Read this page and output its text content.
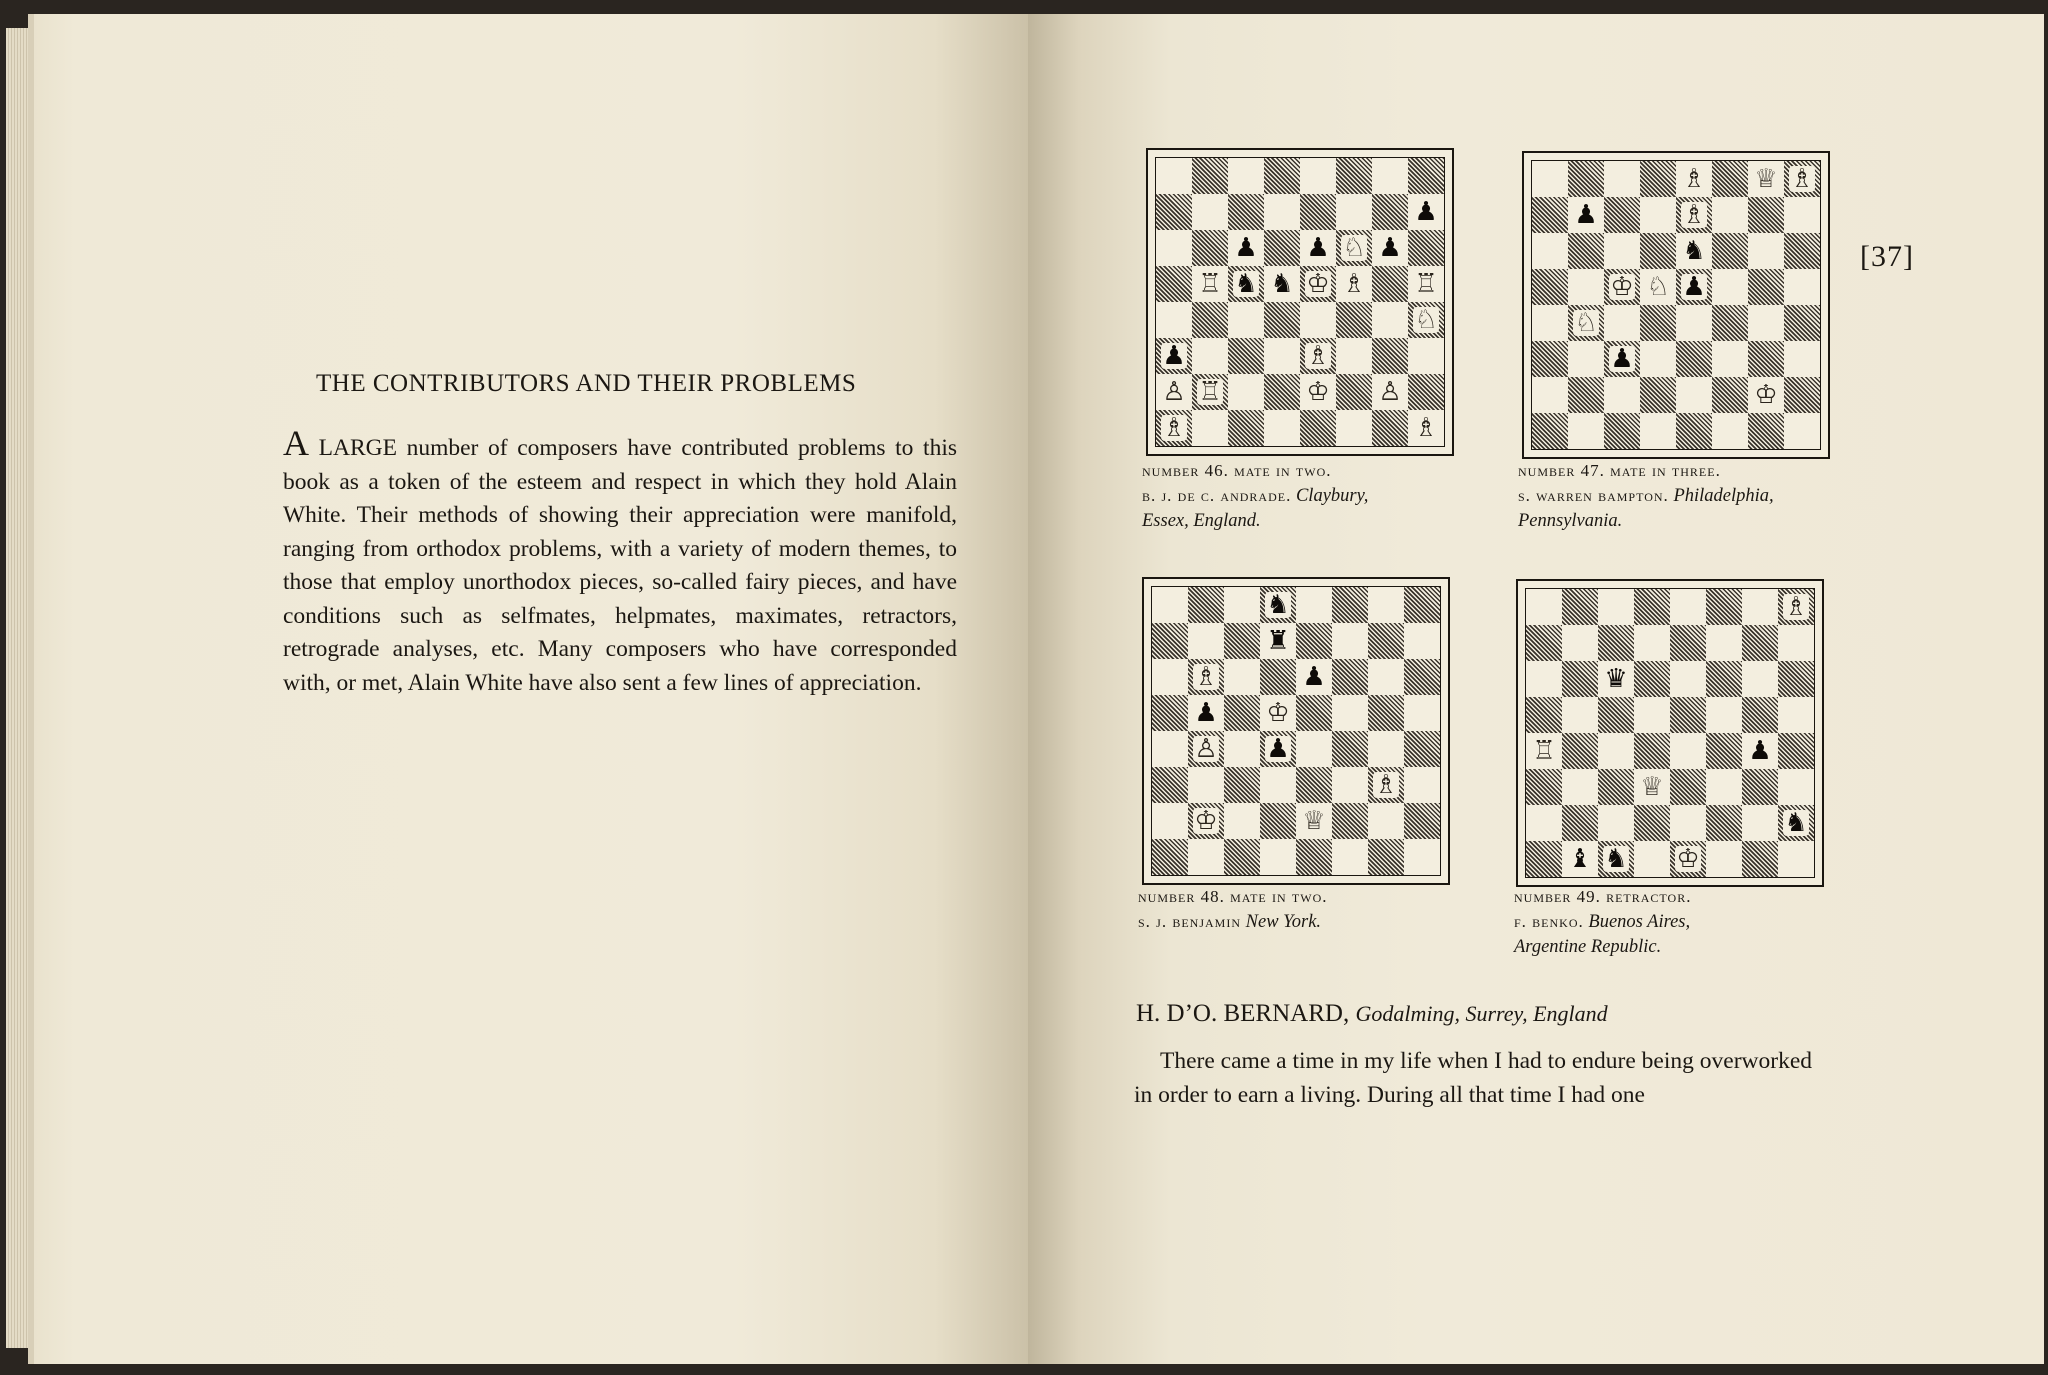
THE CONTRIBUTORS AND THEIR PROBLEMS
A LARGE number of composers have contributed problems to this book as a token of the esteem and respect in which they hold Alain White. Their methods of showing their appreciation were manifold, ranging from orthodox problems, with a variety of modern themes, to those that employ unorthodox pieces, so-called fairy pieces, and have conditions such as selfmates, helpmates, maximates, retractors, retrograde analyses, etc. Many composers who have corresponded with, or met, Alain White have also sent a few lines of appreciation.
[37]
♟
♟ ♟ ♘ ♟
♖ ♞ ♞ ♔ ♗ ♖
♘
♟	♗
♙ ♖	♔ ♙
♗	♗
♗ ♕ ♗
♟	♗
♞
♔ ♘ ♟
♘
♟
♔
♞
♜
♗	♟
♟ ♔
♙ ♟
♗
♔	♕
♗
♛
♖	♟
♕
♞
♝ ♞ ♔
number 46. mate in two.
b. j. de c. andrade. Claybury,
Essex, England.
number 47. mate in three.
s. warren bampton. Philadelphia,
Pennsylvania.
number 48. mate in two.
s. j. benjamin New York.
number 49. retractor.
f. benko. Buenos Aires,
Argentine Republic.
H. D’O. BERNARD, Godalming, Surrey, England
There came a time in my life when I had to endure being overworked in order to earn a living. During all that time I had one
